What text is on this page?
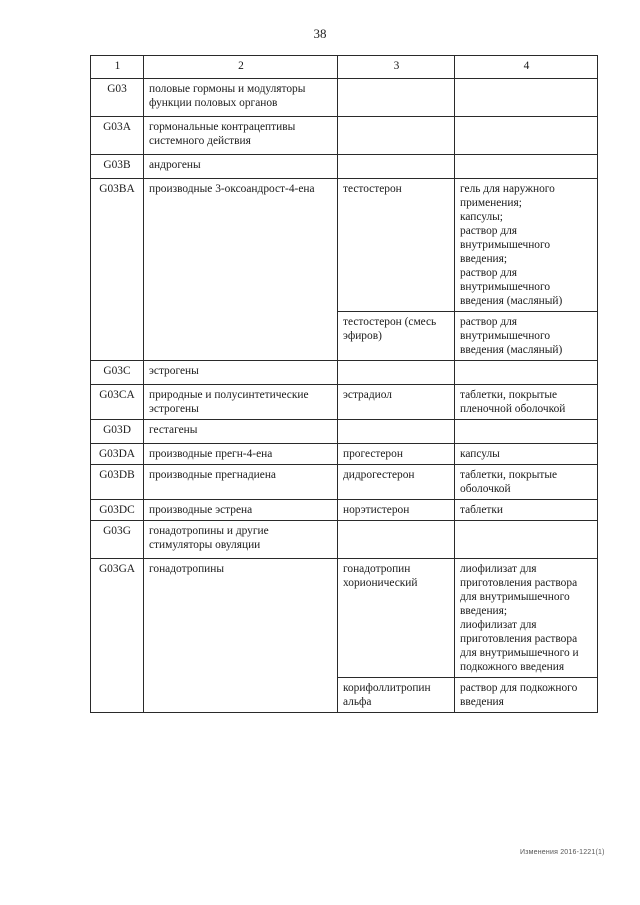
38
1	2	3	4
G03	половые гормоны и модуляторы функции половых органов		
G03A	гормональные контрацептивы системного действия		
G03B	андрогены		
G03BA	производные 3-оксоандрост-4-ена	тестостерон	гель для наружного применения;
капсулы;
раствор для внутримышечного введения;
раствор для внутримышечного введения (масляный)

		тестостерон (смесь эфиров)	раствор для внутримышечного введения (масляный)

G03C	эстрогены		
G03CA	природные и полусинтетические эстрогены	эстрадиол	таблетки, покрытые пленочной оболочкой

G03D	гестагены		
G03DA	производные прегн-4-ена	прогестерон	капсулы

G03DB	производные прегнадиена	дидрогестерон	таблетки, покрытые оболочкой

G03DC	производные эстрена	норэтистерон	таблетки

G03G	гонадотропины и другие стимуляторы овуляции		
G03GA	гонадотропины	гонадотропин хорионический	лиофилизат для приготовления раствора для внутримышечного введения;
лиофилизат для приготовления раствора для внутримышечного и подкожного введения

		корифоллитропин альфа	раствор для подкожного введения
Изменения 2016-1221(1)
